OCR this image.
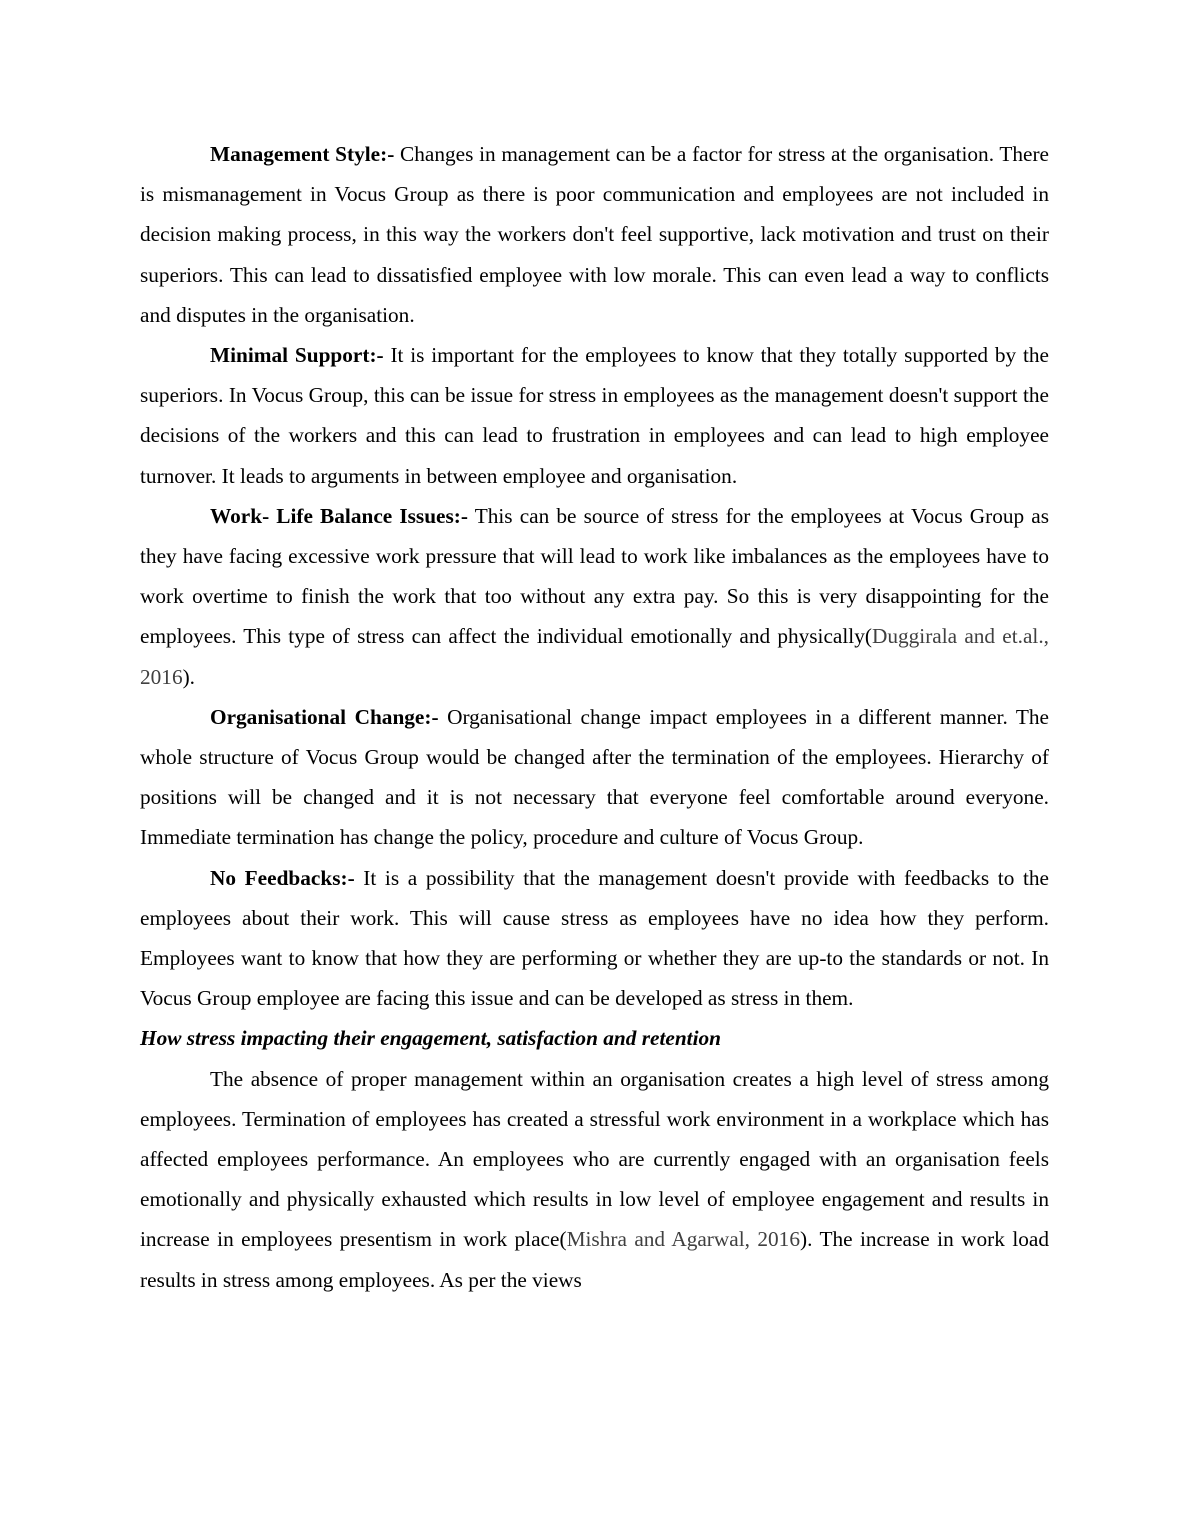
Management Style:- Changes in management can be a factor for stress at the organisation. There is mismanagement in Vocus Group as there is poor communication and employees are not included in decision making process, in this way the workers don't feel supportive, lack motivation and trust on their superiors. This can lead to dissatisfied employee with low morale. This can even lead a way to conflicts and disputes in the organisation.

Minimal Support:- It is important for the employees to know that they totally supported by the superiors. In Vocus Group, this can be issue for stress in employees as the management doesn't support the decisions of the workers and this can lead to frustration in employees and can lead to high employee turnover. It leads to arguments in between employee and organisation.

Work- Life Balance Issues:- This can be source of stress for the employees at Vocus Group as they have facing excessive work pressure that will lead to work like imbalances as the employees have to work overtime to finish the work that too without any extra pay. So this is very disappointing for the employees. This type of stress can affect the individual emotionally and physically(Duggirala and et.al., 2016).

Organisational Change:- Organisational change impact employees in a different manner. The whole structure of Vocus Group would be changed after the termination of the employees. Hierarchy of positions will be changed and it is not necessary that everyone feel comfortable around everyone. Immediate termination has change the policy, procedure and culture of Vocus Group.

No Feedbacks:- It is a possibility that the management doesn't provide with feedbacks to the employees about their work. This will cause stress as employees have no idea how they perform. Employees want to know that how they are performing or whether they are up-to the standards or not. In Vocus Group employee are facing this issue and can be developed as stress in them.

How stress impacting their engagement, satisfaction and retention

The absence of proper management within an organisation creates a high level of stress among employees. Termination of employees has created a stressful work environment in a workplace which has affected employees performance. An employees who are currently engaged with an organisation feels emotionally and physically exhausted which results in low level of employee engagement and results in increase in employees presentism in work place(Mishra and Agarwal, 2016). The increase in work load results in stress among employees. As per the views
